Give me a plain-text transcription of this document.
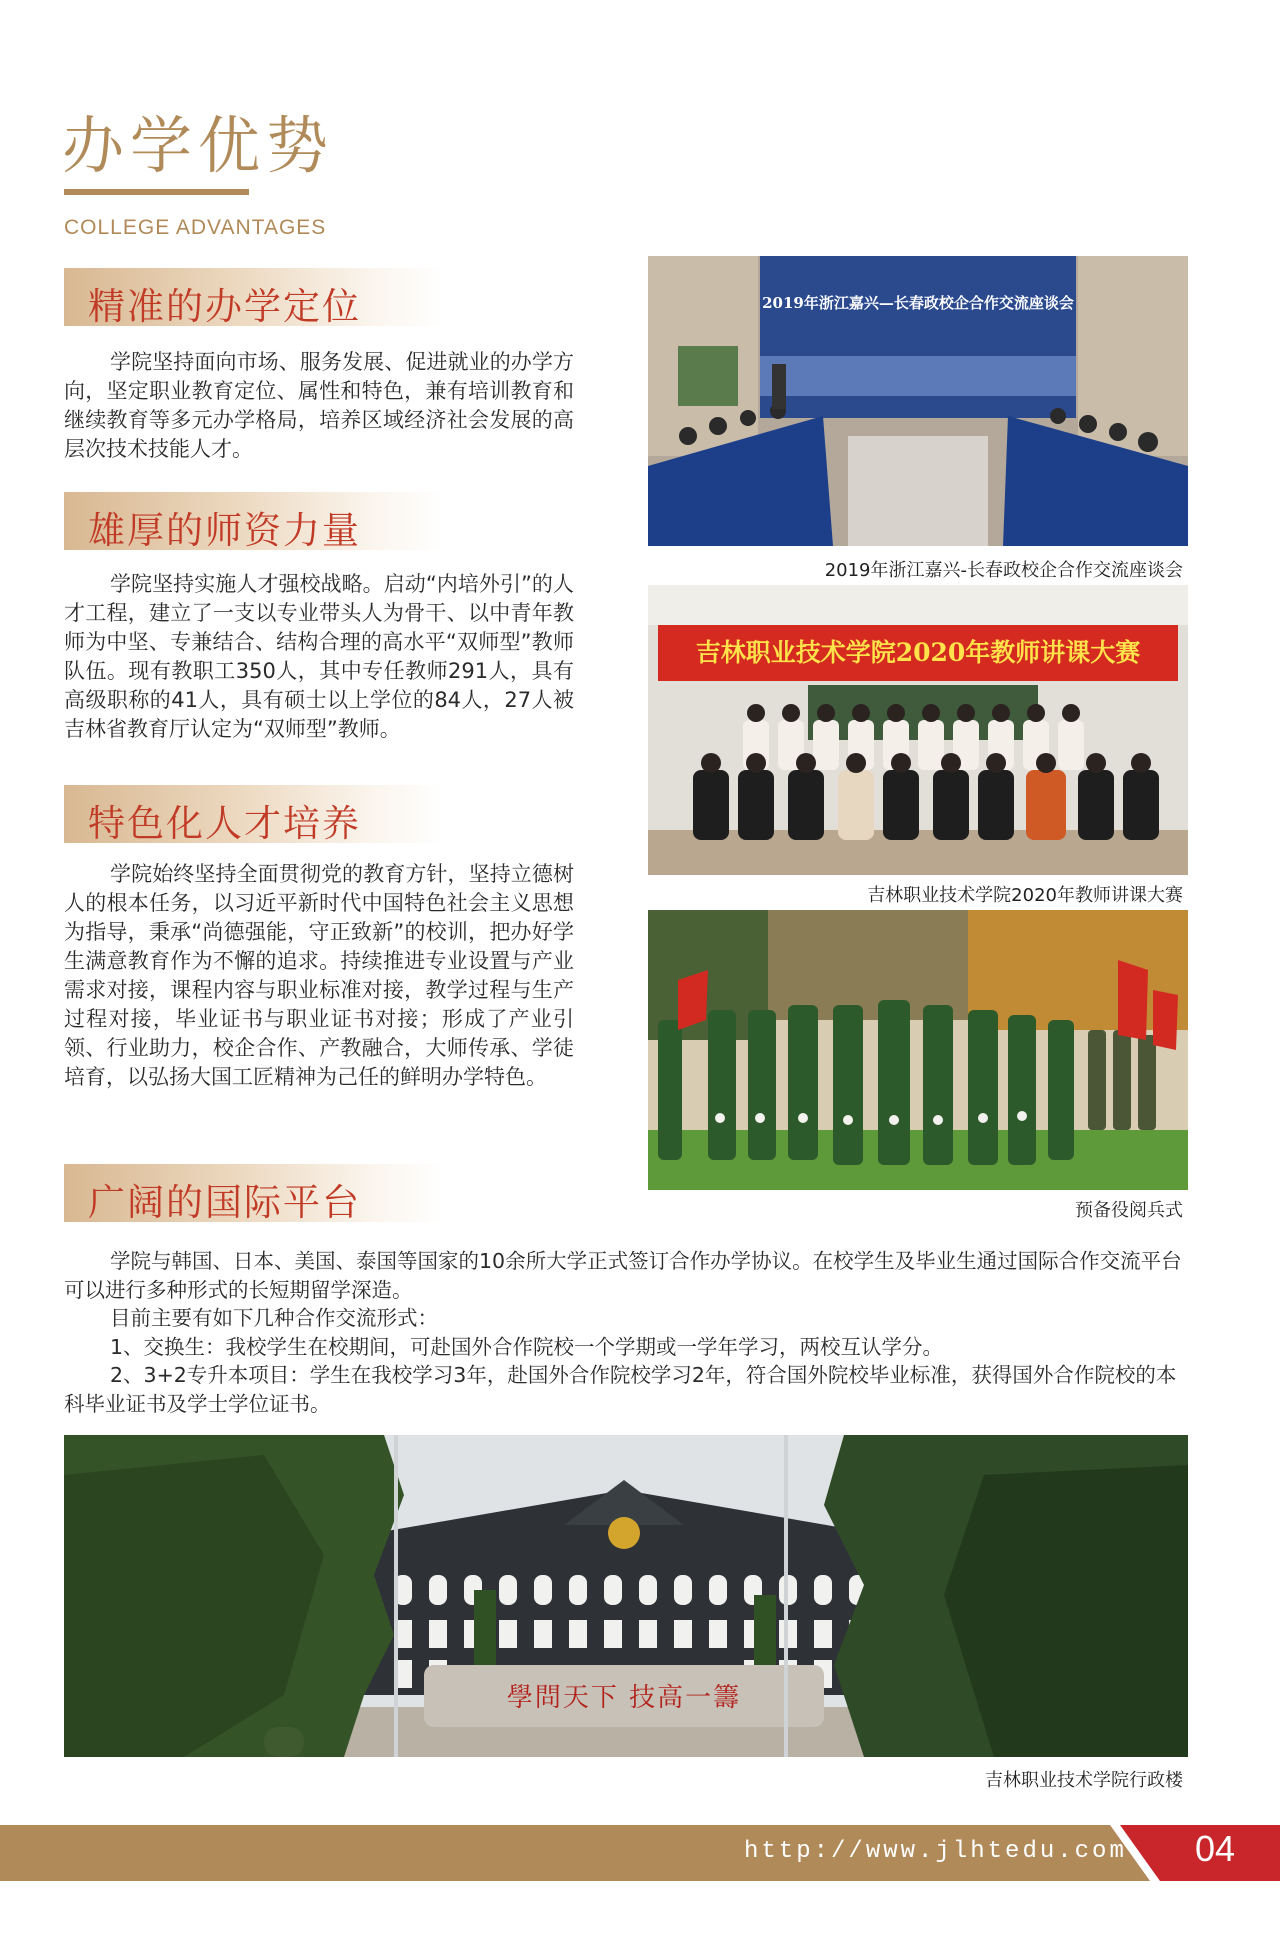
办学优势
COLLEGE ADVANTAGES
精准的办学定位

学院坚持面向市场、服务发展、促进就业的办学方向，坚定职业教育定位、属性和特色，兼有培训教育和继续教育等多元办学格局，培养区域经济社会发展的高层次技术技能人才。

雄厚的师资力量

学院坚持实施人才强校战略。启动“内培外引”的人才工程，建立了一支以专业带头人为骨干、以中青年教师为中坚、专兼结合、结构合理的高水平“双师型”教师队伍。现有教职工350人，其中专任教师291人，具有高级职称的41人，具有硕士以上学位的84人，27人被吉林省教育厅认定为“双师型”教师。

特色化人才培养

学院始终坚持全面贯彻党的教育方针，坚持立德树人的根本任务，以习近平新时代中国特色社会主义思想为指导，秉承“尚德强能，守正致新”的校训，把办好学生满意教育作为不懈的追求。持续推进专业设置与产业需求对接，课程内容与职业标准对接，教学过程与生产过程对接，毕业证书与职业证书对接；形成了产业引领、行业助力，校企合作、产教融合，大师传承、学徒培育，以弘扬大国工匠精神为己任的鲜明办学特色。

广阔的国际平台

学院与韩国、日本、美国、泰国等国家的10余所大学正式签订合作办学协议。在校学生及毕业生通过国际合作交流平台可以进行多种形式的长短期留学深造。

目前主要有如下几种合作交流形式：

1、交换生：我校学生在校期间，可赴国外合作院校一个学期或一学年学习，两校互认学分。

2、3+2专升本项目：学生在我校学习3年，赴国外合作院校学习2年，符合国外院校毕业标准，获得国外合作院校的本科毕业证书及学士学位证书。

2019年浙江嘉兴—长春政校企合作交流座谈会
2019年浙江嘉兴-长春政校企合作交流座谈会
吉林职业技术学院2020年教师讲课大赛
吉林职业技术学院2020年教师讲课大赛
预备役阅兵式
學問天下 技高一籌
吉林职业技术学院行政楼
http://www.jlhtedu.com	04
